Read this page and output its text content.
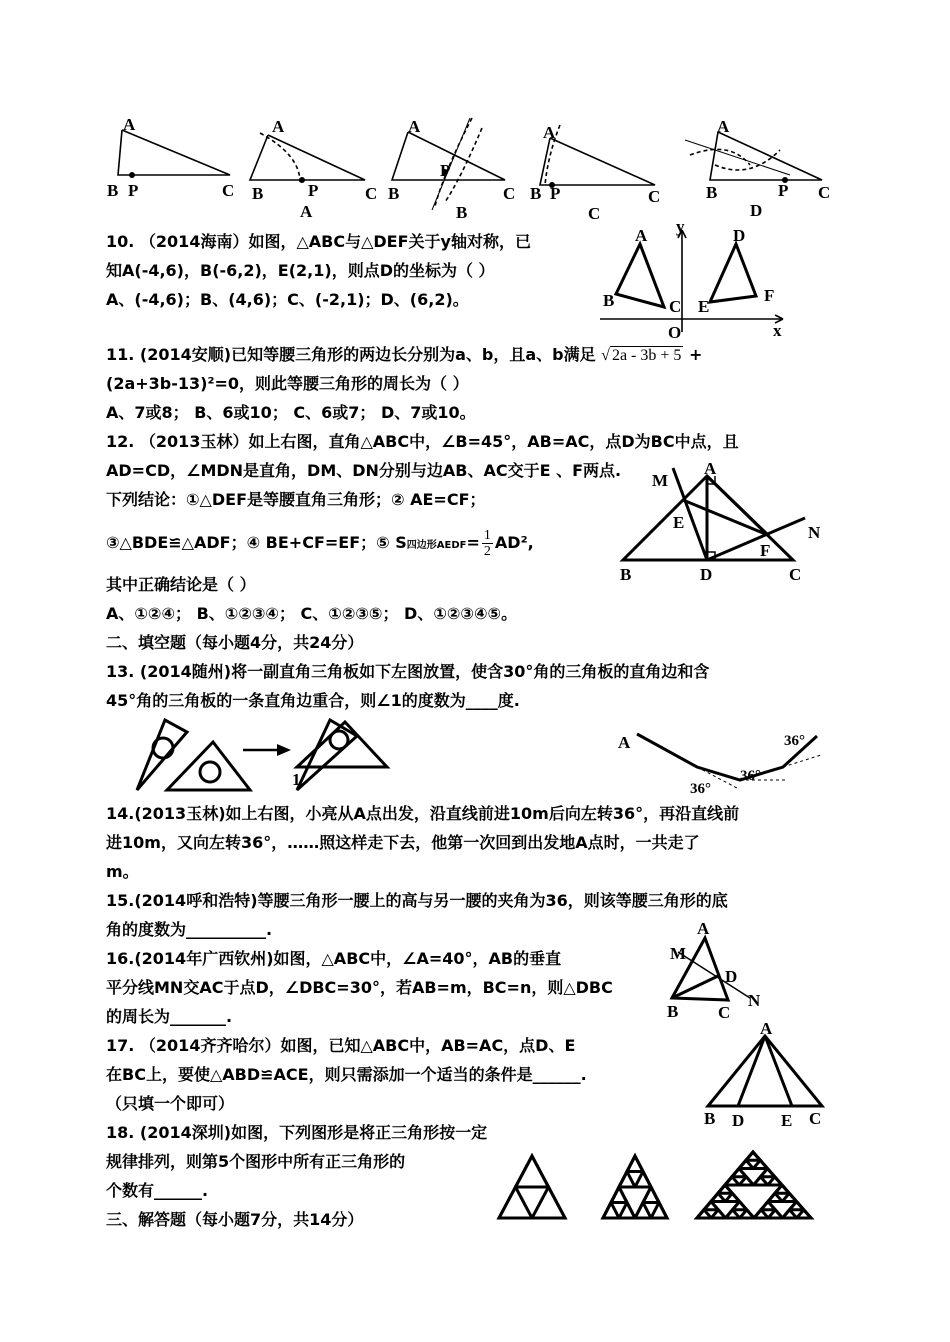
A
B P	C
A
B	P	C
A
A
B
P
C
B
A
B P	C
C
A
B	P C
D
10. （2014海南）如图，△ABC与△DEF关于y轴对称，已
知A(-4,6)，B(-6,2)，E(2,1)，则点D的坐标为（ ）
A、(-4,6)；B、(4,6)；C、(-2,1)；D、(6,2)。
A
B	C
D
E
F
y
x
O
11. (2014安顺)已知等腰三角形的两边长分别为a、b，且a、b满足 √ 2a - 3b + 5 +
(2a+3b-13)²=0，则此等腰三角形的周长为（ ）
A、7或8； B、6或10； C、6或7； D、7或10。
12. （2013玉林）如上右图，直角△ABC中，∠B=45°，AB=AC，点D为BC中点，且
AD=CD，∠MDN是直角，DM、DN分别与边AB、AC交于E 、F两点.
下列结论：①△DEF是等腰直角三角形；② AE=CF；
③△BDE≌△ADF；④ BE+CF=EF；⑤ S四边形AEDF= $\frac{1}{2} AD^2$,
其中正确结论是（ ）
A、①②④； B、①②③④； C、①②③⑤； D、①②③④⑤。
A
M
E
F
N
B	D	C
二、填空题（每小题4分，共24分）
13. (2014随州)将一副直角三角板如下左图放置，使含30°角的三角板的直角边和含
45°角的三角板的一条直角边重合，则∠1的度数为____度.
1
A
36°
36°
36°
14.(2013玉林)如上右图，小亮从A点出发，沿直线前进10m后向左转36°，再沿直线前
进10m，又向左转36°，……照这样走下去，他第一次回到出发地A点时，一共走了
m。
15.(2014呼和浩特)等腰三角形一腰上的高与另一腰的夹角为36，则该等腰三角形的底
角的度数为__________.
16.(2014年广西钦州)如图，△ABC中，∠A=40°，AB的垂直
平分线MN交AC于点D，∠DBC=30°，若AB=m，BC=n，则△DBC
的周长为_______.
A
M
D
N
B C
17. （2014齐齐哈尔）如图，已知△ABC中，AB=AC，点D、E
在BC上，要使△ABD≌ACE，则只需添加一个适当的条件是______.
（只填一个即可）
A
B D E C
18. (2014深圳)如图，下列图形是将正三角形按一定
规律排列，则第5个图形中所有正三角形的
个数有______.
三、解答题（每小题7分，共14分）
